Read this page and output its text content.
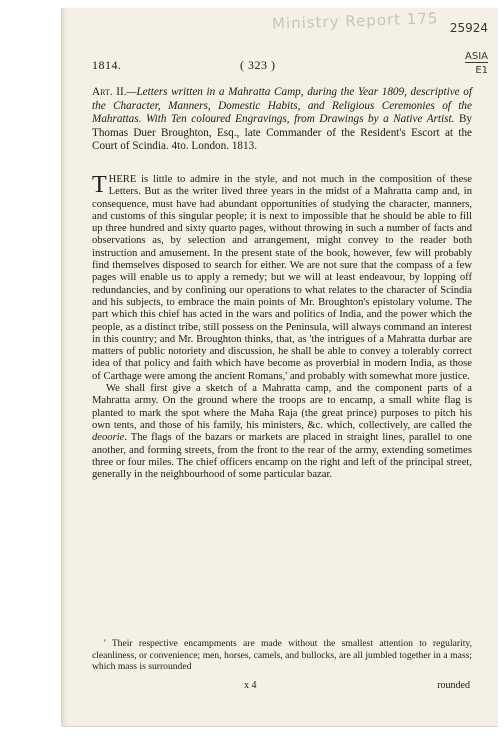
Ministry Report 175 25924
ASIA
E1
1814.	( 323 )
Art. II.—Letters written in a Mahratta Camp, during the Year 1809, descriptive of the Character, Manners, Domestic Habits, and Religious Ceremonies of the Mahrattas. With Ten coloured Engravings, from Drawings by a Native Artist. By Thomas Duer Broughton, Esq., late Commander of the Resident's Escort at the Court of Scindia. 4to. London. 1813.

THERE is little to admire in the style, and not much in the composition of these Letters. But as the writer lived three years in the midst of a Mahratta camp and, in consequence, must have had abundant opportunities of studying the character, manners, and customs of this singular people; it is next to impossible that he should be able to fill up three hundred and sixty quarto pages, without throwing in such a number of facts and observations as, by selection and arrangement, might convey to the reader both instruction and amusement. In the present state of the book, however, few will probably find themselves disposed to search for either. We are not sure that the compass of a few pages will enable us to apply a remedy; but we will at least endeavour, by lopping off redundancies, and by confining our operations to what relates to the character of Scindia and his subjects, to embrace the main points of Mr. Broughton's epistolary volume. The part which this chief has acted in the wars and politics of India, and the power which the people, as a distinct tribe, still possess on the Peninsula, will always command an interest in this country; and Mr. Broughton thinks, that, as 'the intrigues of a Mahratta durbar are matters of public notoriety and discussion, he shall be able to convey a tolerably correct idea of that policy and faith which have become as proverbial in modern India, as those of Carthage were among the ancient Romans,' and probably with somewhat more justice.

We shall first give a sketch of a Mahratta camp, and the component parts of a Mahratta army. On the ground where the troops are to encamp, a small white flag is planted to mark the spot where the Maha Raja (the great prince) purposes to pitch his own tents, and those of his family, his ministers, &c. which, collectively, are called the deoorie. The flags of the bazars or markets are placed in straight lines, parallel to one another, and forming streets, from the front to the rear of the army, extending sometimes three or four miles. The chief officers encamp on the right and left of the principal street, generally in the neighbourhood of some particular bazar.

' Their respective encampments are made without the smallest attention to regularity, cleanliness, or convenience; men, horses, camels, and bullocks, are all jumbled together in a mass; which mass is surrounded

x 4	rounded
